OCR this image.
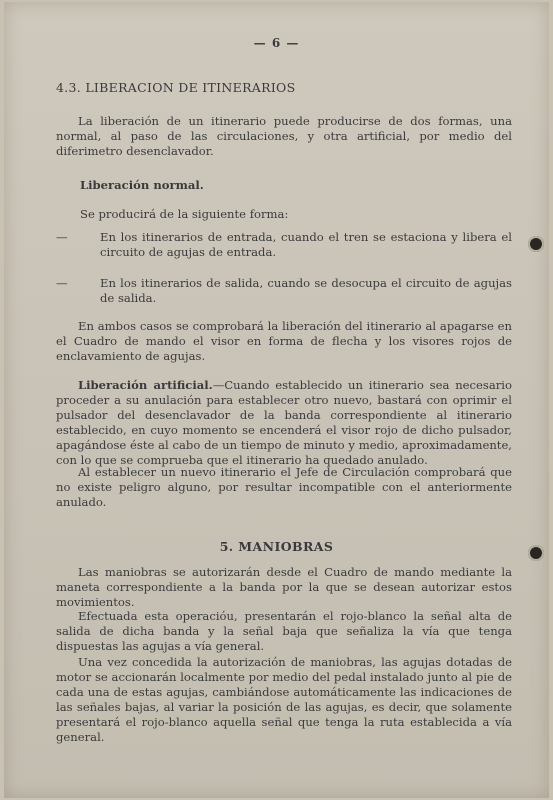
— 6 —
4.3. LIBERACION DE ITINERARIOS
La liberación de un itinerario puede producirse de dos formas, una normal, al paso de las circulaciones, y otra artificial, por medio del diferimetro desenclavador.
Liberación normal.
Se producirá de la siguiente forma:
—	En los itinerarios de entrada, cuando el tren se estaciona y libera el circuito de agujas de entrada.
—	En los itinerarios de salida, cuando se desocupa el circuito de agujas de salida.
En ambos casos se comprobará la liberación del itinerario al apagarse en el Cuadro de mando el visor en forma de flecha y los visores rojos de enclavamiento de agujas.
Liberación artificial.—Cuando establecido un itinerario sea necesario proceder a su anulación para establecer otro nuevo, bastará con oprimir el pulsador del desenclavador de la banda correspondiente al itinerario establecido, en cuyo momento se encenderá el visor rojo de dicho pulsador, apagándose éste al cabo de un tiempo de minuto y medio, aproximadamente, con lo que se comprueba que el itinerario ha quedado anulado.
Al establecer un nuevo itinerario el Jefe de Circulación comprobará que no existe peligro alguno, por resultar incompatible con el anteriormente anulado.
5. MANIOBRAS
Las maniobras se autorizarán desde el Cuadro de mando mediante la maneta correspondiente a la banda por la que se desean autorizar estos movimientos.
Efectuada esta operacióu, presentarán el rojo-blanco la señal alta de salida de dicha banda y la señal baja que señaliza la vía que tenga dispuestas las agujas a vía general.
Una vez concedida la autorización de maniobras, las agujas dotadas de motor se accionarán localmente por medio del pedal instalado junto al pie de cada una de estas agujas, cambiándose automáticamente las indicaciones de las señales bajas, al variar la posición de las agujas, es decir, que solamente presentará el rojo-blanco aquella señal que tenga la ruta establecida a vía general.
